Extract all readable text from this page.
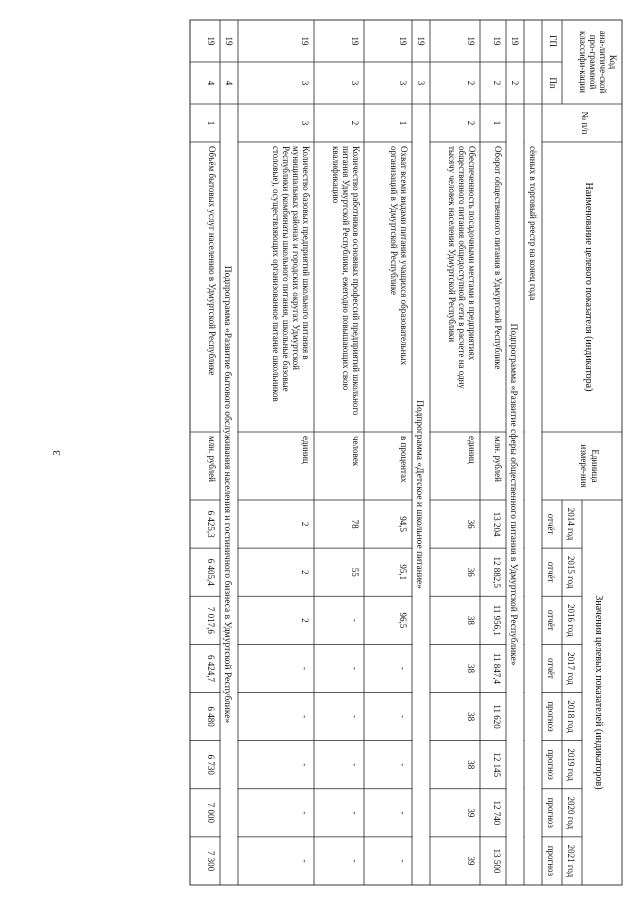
3
Кодана-литиче-скойпро-граммнойклассифи-кации
ГП
Пп
№ п/п
Наименование целевого показателя (индикатора)
Единицаизмере-ния
Значения целевых показателей (индикаторов)
2014 год
отчёт
2015 год
отчёт
2016 год
отчёт
2017 год
отчёт
2018 год
прогноз
2019 год
прогноз
2020 год
прогноз
2021 год
прогноз
19
2
19
2
1
Оборот общественного питания в Удмуртской Республике
млн. рублей
13 204
12 882,5
11 956,1
11 847,4
11 620
12 145
12 740
13 500
19
2
2
Обеспеченность посадочными местами в предприятияхобщественного питания общедоступной сети в расчете на однутысячу человек населения Удмуртской Республики
единиц
36
36
38
38
38
38
39
39
19
3
19
3
1
Охват всеми видами питания учащихся образовательныхорганизаций в Удмуртской Республике
в процентах
94,5
95,1
96,5
-
-
-
-
-
19
3
2
Количество работников основных профессий предприятий школьногопитания Удмуртской Республики, ежегодно повышающих своюквалификацию
человек
78
55
-
-
-
-
-
-
19
3
3
Количество базовых предприятий школьного питания вмуниципальных районах и городских округах УдмуртскойРеспублики (комбинаты школьного питания, школьные базовыестоловые), осуществляющих организованное питание школьников
единиц
2
2
2
-
-
-
-
-
19
4
19
4
1
Объём бытовых услуг населению в Удмуртской Республике
млн. рублей
6 425,3
6 405,4
7 017,6
6 424,7
6 480
6 730
7 000
7 300
сённых в торговый реестр на конец года
Подпрограмма «Развитие сферы общественного питания в Удмуртской Республике»
Подпрограмма «Детское и школьное питание»
Подпрограмма «Развитие бытового обслуживания населения и гостиничного бизнеса в Удмуртской Республике»
